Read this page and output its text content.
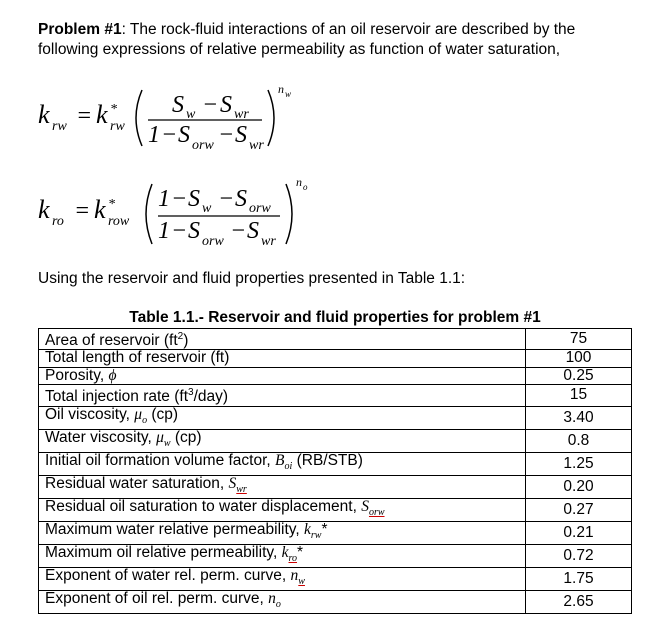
Problem #1: The rock-fluid interactions of an oil reservoir are described by the following expressions of relative permeability as function of water saturation,
k rw = k *
rw
S w − S wr
1 − S orw − S wr
n w
k ro = k *
row
1 − S w − S orw
1 − S orw − S wr
n o
Using the reservoir and fluid properties presented in Table 1.1:
Table 1.1.- Reservoir and fluid properties for problem #1
Area of reservoir $(ft^2)$	75
Total length of reservoir (ft)	100
Porosity, ϕ	0.25
Total injection rate $(ft^3/day)$	15
Oil viscosity, $\mu_o$ (cp)	3.40
Water viscosity, $\mu_w$ (cp)	0.8
Initial oil formation volume factor, $B_{oi}$ (RB/STB)	1.25
Residual water saturation, $S_{wr}$	0.20
Residual oil saturation to water displacement, $S_{orw}$	0.27
Maximum water relative permeability, $k_{rw}*$	0.21
Maximum oil relative permeability, $k_{ro}*$	0.72
Exponent of water rel. perm. curve, $n_w$	1.75
Exponent of oil rel. perm. curve, $n_o$	2.65
